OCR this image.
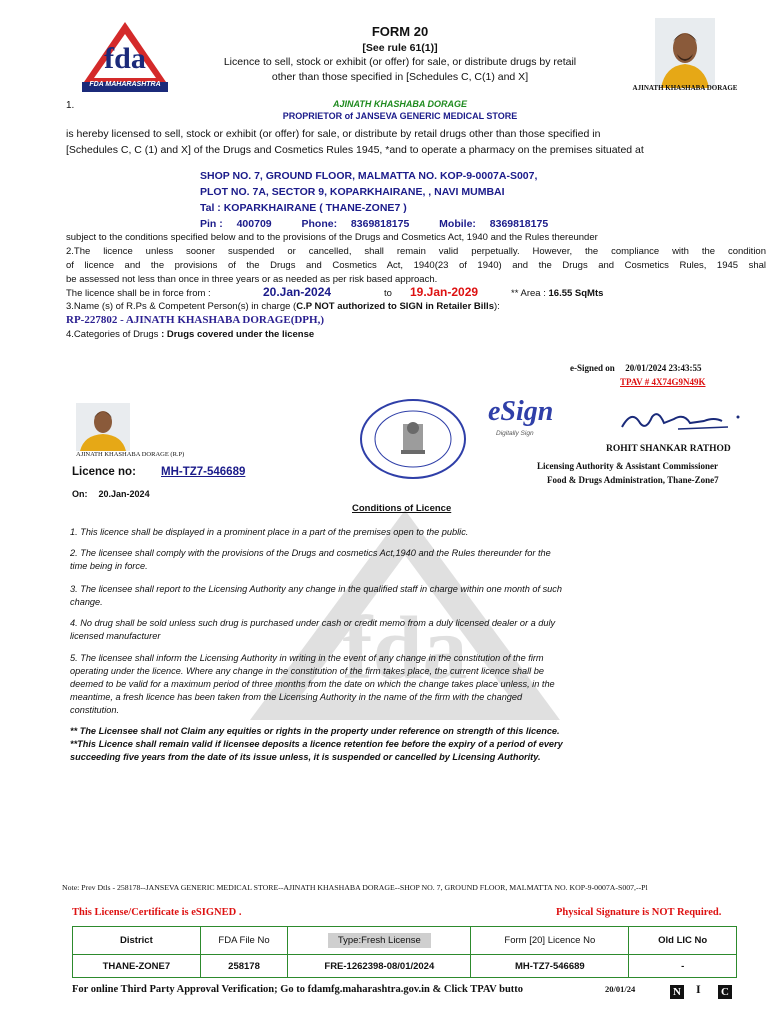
fda
FDA MAHARASHTRA
FORM 20
[See rule 61(1)]
Licence to sell, stock or exhibit (or offer) for sale, or distribute drugs by retail
other than those specified in [Schedules C, C(1) and X]
AJINATH KHASHABA DORAGE
1.	AJINATH KHASHABA DORAGE
PROPRIETOR of JANSEVA GENERIC MEDICAL STORE
is hereby licensed to sell, stock or exhibit (or offer) for sale, or distribute by retail drugs other than those specified in
[Schedules C, C (1) and X] of the Drugs and Cosmetics Rules 1945, *and to operate a pharmacy on the premises situated at
SHOP NO. 7, GROUND FLOOR, MALMATTA NO. KOP-9-0007A-S007,
PLOT NO. 7A, SECTOR 9, KOPARKHAIRANE, , NAVI MUMBAI
Tal : KOPARKHAIRANE ( THANE-ZONE7 )
Pin : 400709	Phone: 8369818175	Mobile: 8369818175
subject to the conditions specified below and to the provisions of the Drugs and Cosmetics Act, 1940 and the Rules thereunder
2.The licence unless sooner suspended or cancelled, shall remain valid perpetually. However, the compliance with the condition
of licence and the provisions of the Drugs and Cosmetics Act, 1940(23 of 1940) and the Drugs and Cosmetics Rules, 1945 shal
be assessed not less than once in three years or as needed as per risk based approach.
The licence shall be in force from :	20.Jan-2024	to 19.Jan-2029	** Area : 16.55 SqMts
3.Name (s) of R.Ps & Competent Person(s) in charge (C.P NOT authorized to SIGN in Retailer Bills):
RP-227802 - AJINATH KHASHABA DORAGE(DPH,)
4.Categories of Drugs : Drugs covered under the license
e-Signed on 20/01/2024 23:43:55
TPAV # 4X74G9N49K
AJINATH KHASHABA DORAGE (R.P)
eSign
Digitally Sign
ROHIT SHANKAR RATHOD
Licensing Authority & Assistant Commissioner
Food & Drugs Administration, Thane-Zone7
Licence no: MH-TZ7-546689
On: 20.Jan-2024
fda
Conditions of Licence
1. This licence shall be displayed in a prominent place in a part of the premises open to the public.
2. The licensee shall comply with the provisions of the Drugs and cosmetics Act,1940 and the Rules thereunder for the time being in force.
3. The licensee shall report to the Licensing Authority any change in the qualified staff in charge within one month of such change.
4. No drug shall be sold unless such drug is purchased under cash or credit memo from a duly licensed dealer or a duly licensed manufacturer
5. The licensee shall inform the Licensing Authority in writing in the event of any change in the constitution of the firm operating under the licence. Where any change in the constitution of the firm takes place, the current licence shall be deemed to be valid for a maximum period of three months from the date on which the change takes place unless, in the meantime, a fresh licence has been taken from the Licensing Authority in the name of the firm with the changed constitution.
** The Licensee shall not Claim any equities or rights in the property under reference on strength of this licence.
**This Licence shall remain valid if licensee deposits a licence retention fee before the expiry of a period of every
succeeding five years from the date of its issue unless, it is suspended or cancelled by Licensing Authority.
Note: Prev Dtls - 258178--JANSEVA GENERIC MEDICAL STORE--AJINATH KHASHABA DORAGE--SHOP NO. 7, GROUND FLOOR, MALMATTA NO. KOP-9-0007A-S007,--Pl
This License/Certificate is eSIGNED .	Physical Signature is NOT Required.
District	FDA File No	Type:Fresh License	Form [20] Licence No	Old LIC No
THANE-ZONE7	258178	FRE-1262398-08/01/2024	MH-TZ7-546689	-
For online Third Party Approval Verification; Go to fdamfg.maharashtra.gov.in & Click TPAV butto	20/01/24	N I C
